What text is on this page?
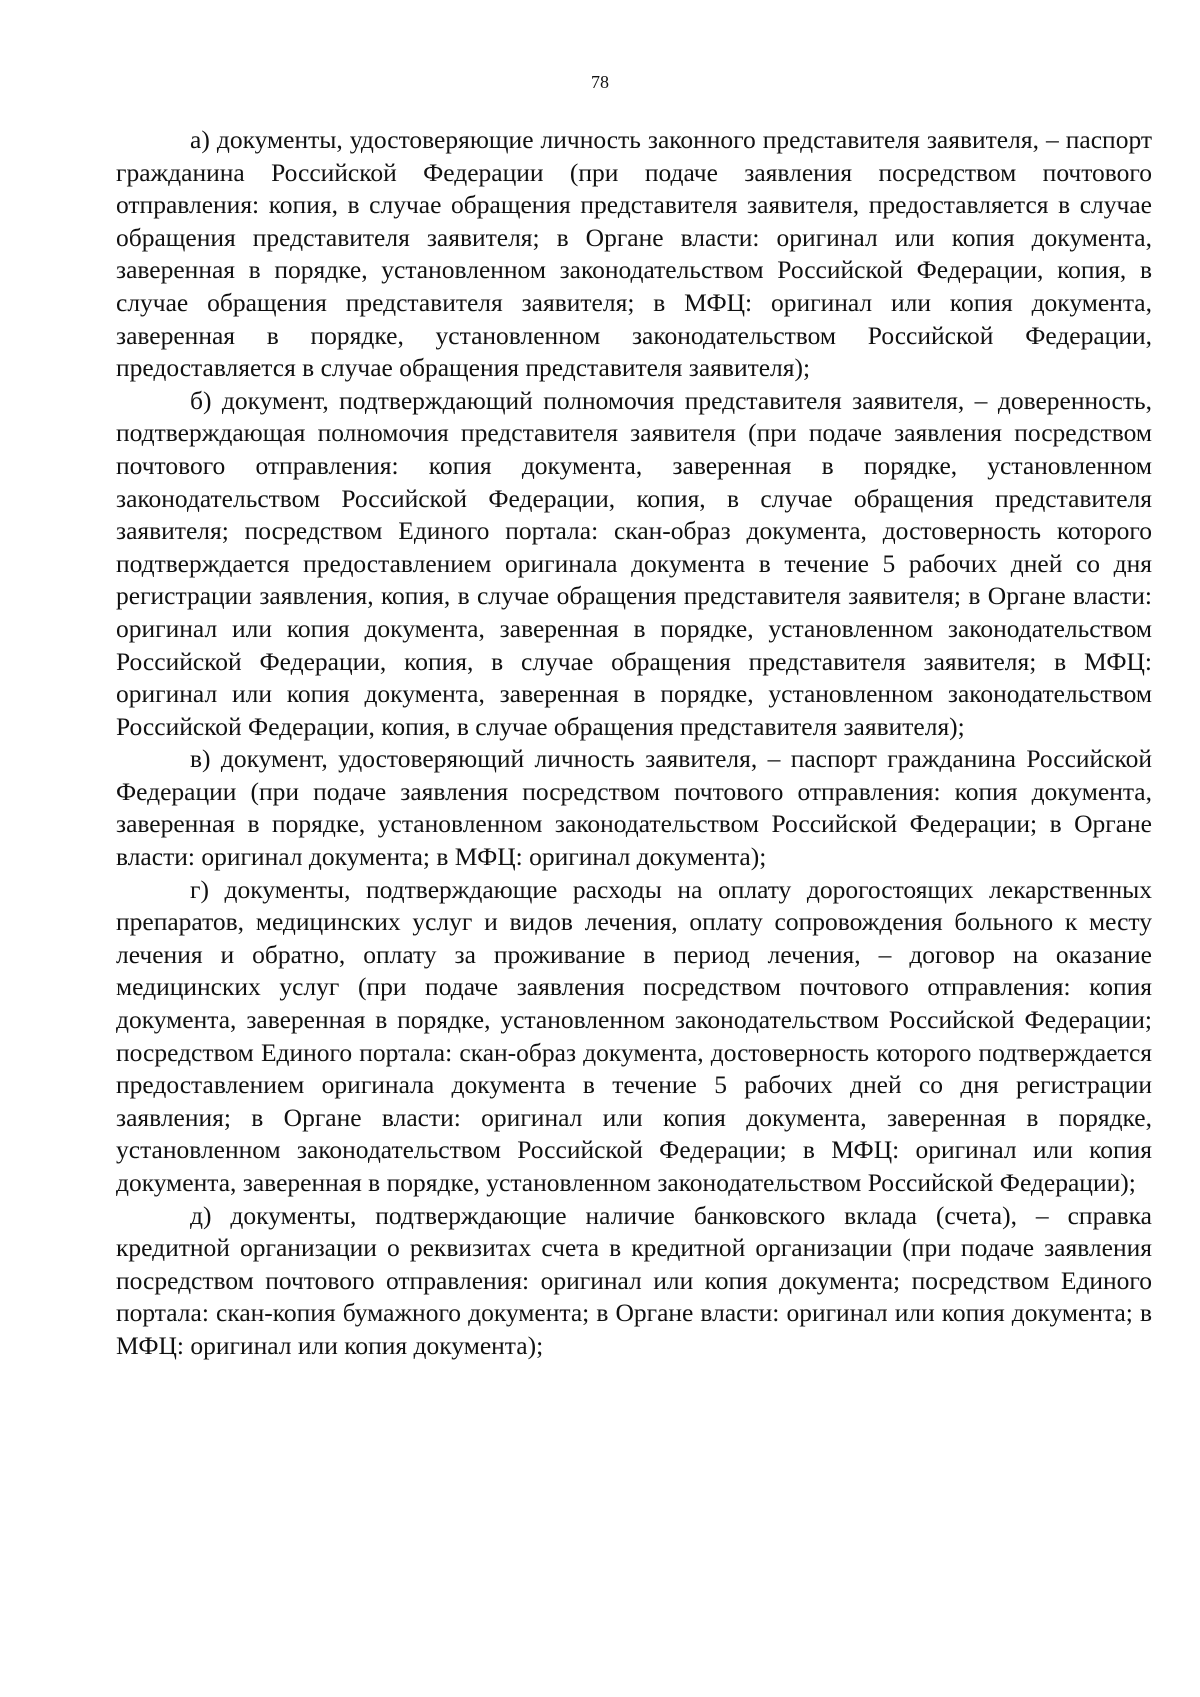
78

а) документы, удостоверяющие личность законного представителя заявителя, – паспорт гражданина Российской Федерации (при подаче заявления посредством почтового отправления: копия, в случае обращения представителя заявителя, предоставляется в случае обращения представителя заявителя; в Органе власти: оригинал или копия документа, заверенная в порядке, установленном законодательством Российской Федерации, копия, в случае обращения представителя заявителя; в МФЦ: оригинал или копия документа, заверенная в порядке, установленном законодательством Российской Федерации, предоставляется в случае обращения представителя заявителя);

б) документ, подтверждающий полномочия представителя заявителя, – доверенность, подтверждающая полномочия представителя заявителя (при подаче заявления посредством почтового отправления: копия документа, заверенная в порядке, установленном законодательством Российской Федерации, копия, в случае обращения представителя заявителя; посредством Единого портала: скан-образ документа, достоверность которого подтверждается предоставлением оригинала документа в течение 5 рабочих дней со дня регистрации заявления, копия, в случае обращения представителя заявителя; в Органе власти: оригинал или копия документа, заверенная в порядке, установленном законодательством Российской Федерации, копия, в случае обращения представителя заявителя; в МФЦ: оригинал или копия документа, заверенная в порядке, установленном законодательством Российской Федерации, копия, в случае обращения представителя заявителя);

в) документ, удостоверяющий личность заявителя, – паспорт гражданина Российской Федерации (при подаче заявления посредством почтового отправления: копия документа, заверенная в порядке, установленном законодательством Российской Федерации; в Органе власти: оригинал документа; в МФЦ: оригинал документа);

г) документы, подтверждающие расходы на оплату дорогостоящих лекарственных препаратов, медицинских услуг и видов лечения, оплату сопровождения больного к месту лечения и обратно, оплату за проживание в период лечения, – договор на оказание медицинских услуг (при подаче заявления посредством почтового отправления: копия документа, заверенная в порядке, установленном законодательством Российской Федерации; посредством Единого портала: скан-образ документа, достоверность которого подтверждается предоставлением оригинала документа в течение 5 рабочих дней со дня регистрации заявления; в Органе власти: оригинал или копия документа, заверенная в порядке, установленном законодательством Российской Федерации; в МФЦ: оригинал или копия документа, заверенная в порядке, установленном законодательством Российской Федерации);

д) документы, подтверждающие наличие банковского вклада (счета), – справка кредитной организации о реквизитах счета в кредитной организации (при подаче заявления посредством почтового отправления: оригинал или копия документа; посредством Единого портала: скан-копия бумажного документа; в Органе власти: оригинал или копия документа; в МФЦ: оригинал или копия документа);
